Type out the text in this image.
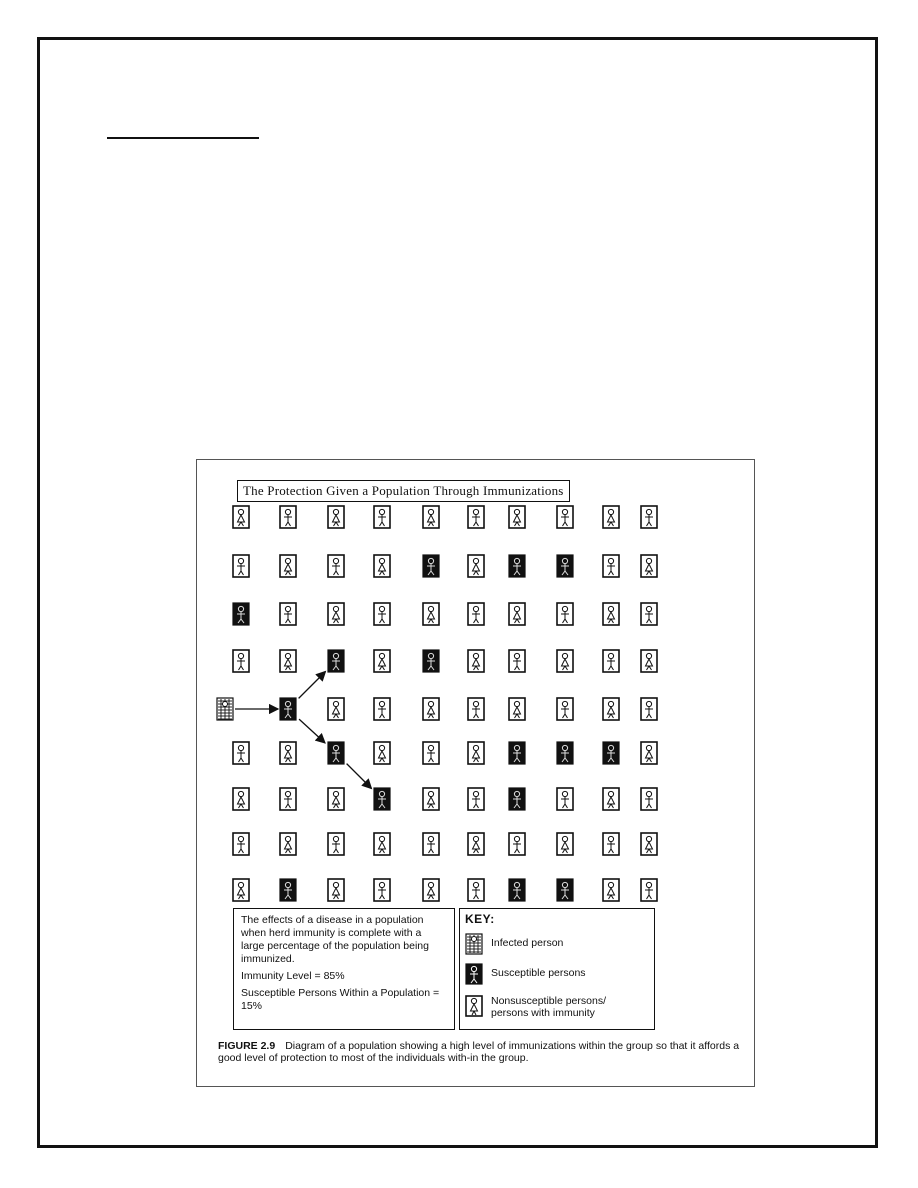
The Protection Given a Population Through Immunizations

The effects of a disease in a population when herd immunity is complete with a large percentage of the population being immunized.

Immunity Level = 85%

Susceptible Persons Within a Population = 15%

KEY:
Infected person
Susceptible persons
Nonsusceptible persons/
persons with immunity
FIGURE 2.9 Diagram of a population showing a high level of immunizations within the group so that it affords a good level of protection to most of the individuals with-in the group.
